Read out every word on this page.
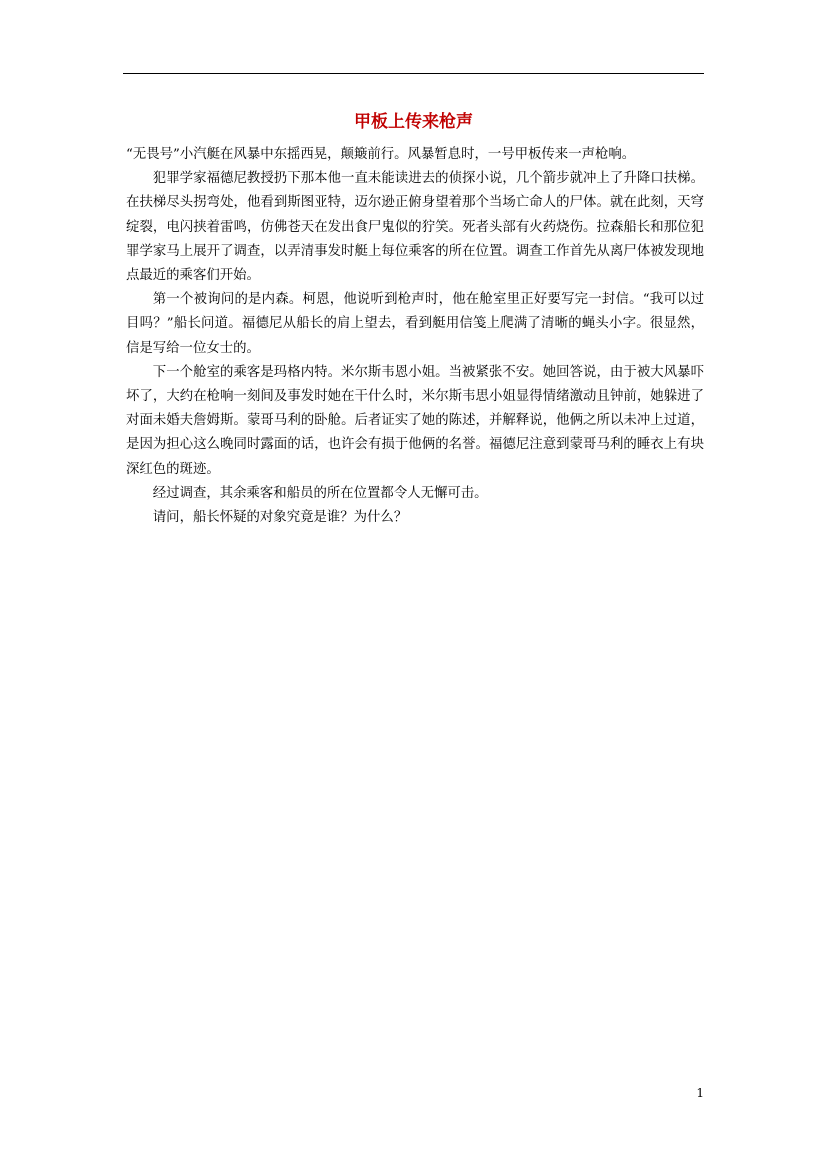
甲板上传来枪声

“无畏号”小汽艇在风暴中东摇西晃，颠簸前行。风暴暂息时，一号甲板传来一声枪响。

犯罪学家福德尼教授扔下那本他一直未能读进去的侦探小说，几个箭步就冲上了升降口扶梯。在扶梯尽头拐弯处，他看到斯图亚特，迈尔逊正俯身望着那个当场亡命人的尸体。就在此刻，天穹绽裂，电闪挟着雷鸣，仿佛苍天在发出食尸鬼似的狞笑。死者头部有火药烧伤。拉森船长和那位犯罪学家马上展开了调查，以弄清事发时艇上每位乘客的所在位置。调查工作首先从离尸体被发现地点最近的乘客们开始。

第一个被询问的是内森。柯恩，他说听到枪声时，他在舱室里正好要写完一封信。“我可以过目吗？”船长问道。福德尼从船长的肩上望去，看到艇用信笺上爬满了清晰的蝇头小字。很显然，信是写给一位女士的。

下一个舱室的乘客是玛格内特。米尔斯韦恩小姐。当被紧张不安。她回答说，由于被大风暴吓坏了，大约在枪响一刻间及事发时她在干什么时，米尔斯韦思小姐显得情绪激动且钟前，她躲进了对面未婚夫詹姆斯。蒙哥马利的卧舱。后者证实了她的陈述，并解释说，他俩之所以未冲上过道，是因为担心这么晚同时露面的话，也许会有损于他俩的名誉。福德尼注意到蒙哥马利的睡衣上有块深红色的斑迹。

经过调查，其余乘客和船员的所在位置都令人无懈可击。

请问，船长怀疑的对象究竟是谁？为什么？

1
